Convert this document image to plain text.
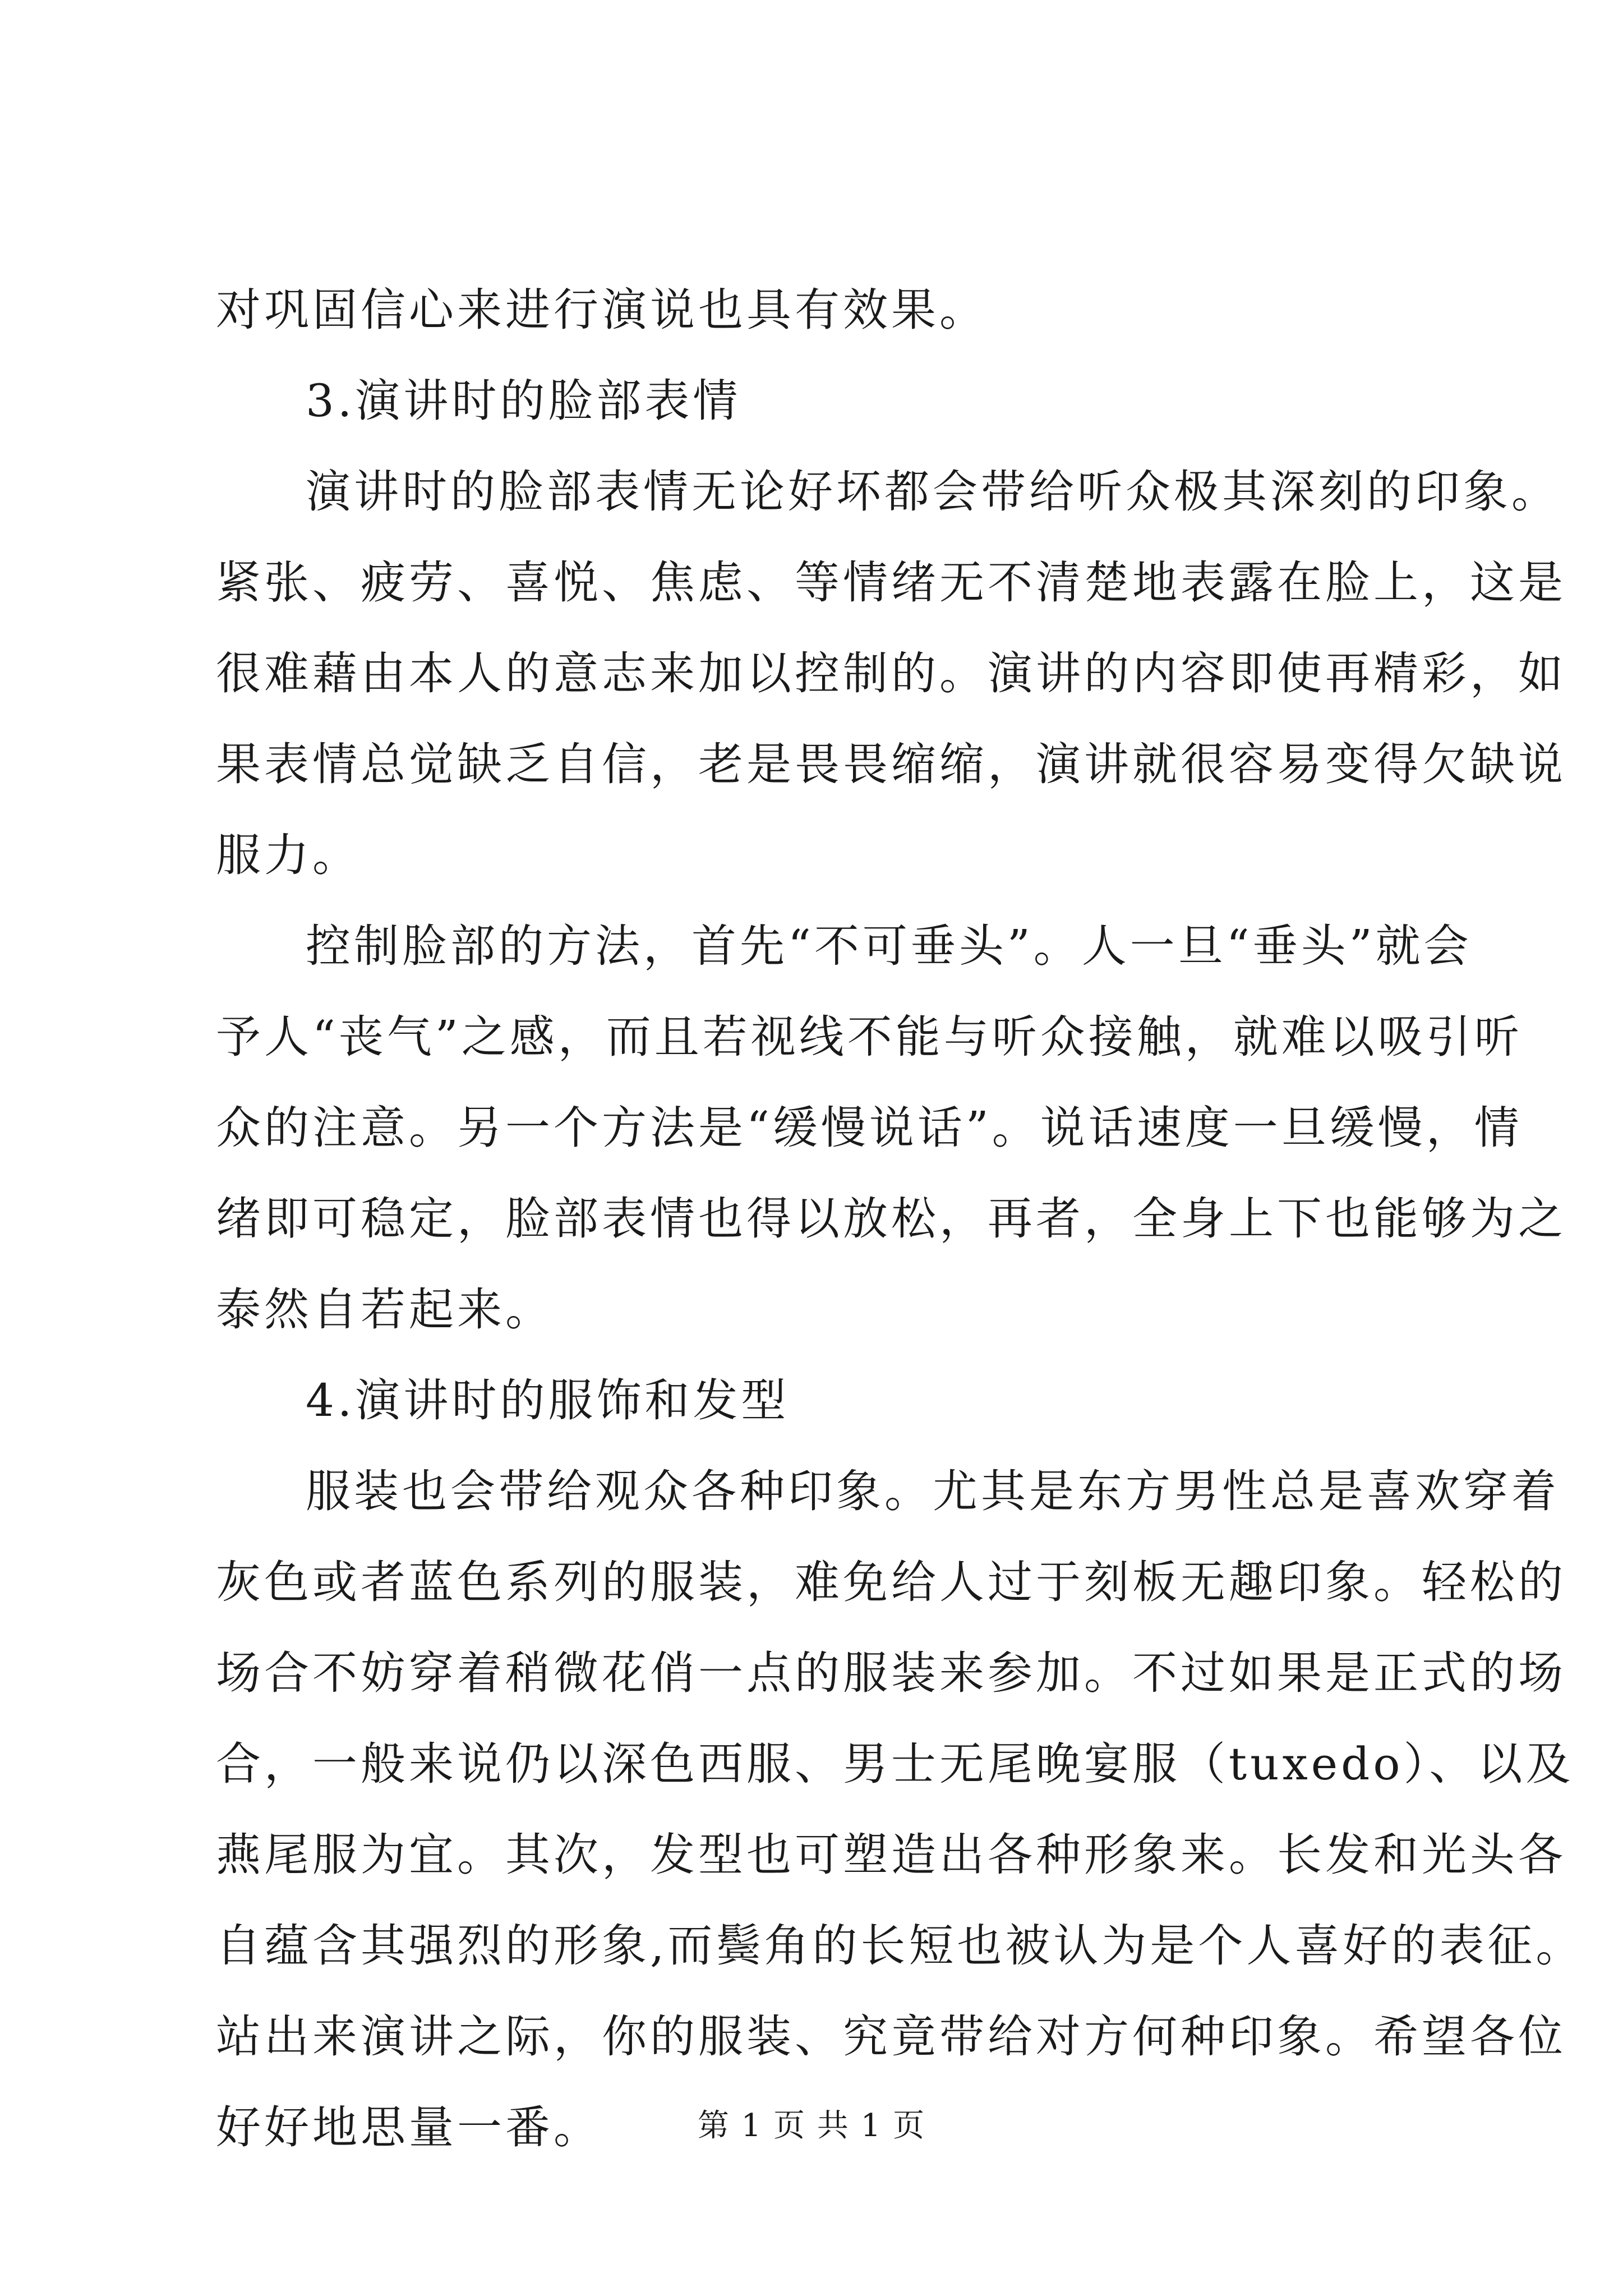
对巩固信心来进行演说也具有效果。
3.演讲时的脸部表情
演讲时的脸部表情无论好坏都会带给听众极其深刻的印象。
紧张、疲劳、喜悦、焦虑、等情绪无不清楚地表露在脸上，这是
很难藉由本人的意志来加以控制的。演讲的内容即使再精彩，如
果表情总觉缺乏自信，老是畏畏缩缩，演讲就很容易变得欠缺说
服力。
控制脸部的方法，首先“不可垂头”。人一旦“垂头”就会
予人“丧气”之感，而且若视线不能与听众接触，就难以吸引听
众的注意。另一个方法是“缓慢说话”。说话速度一旦缓慢，情
绪即可稳定，脸部表情也得以放松，再者，全身上下也能够为之
泰然自若起来。
4.演讲时的服饰和发型
服装也会带给观众各种印象。尤其是东方男性总是喜欢穿着
灰色或者蓝色系列的服装，难免给人过于刻板无趣印象。轻松的
场合不妨穿着稍微花俏一点的服装来参加。不过如果是正式的场
合，一般来说仍以深色西服、男士无尾晚宴服（tuxedo）、以及
燕尾服为宜。其次，发型也可塑造出各种形象来。长发和光头各
自蕴含其强烈的形象,而鬓角的长短也被认为是个人喜好的表征。
站出来演讲之际，你的服装、究竟带给对方何种印象。希望各位
好好地思量一番。	第 1 页 共 1 页
